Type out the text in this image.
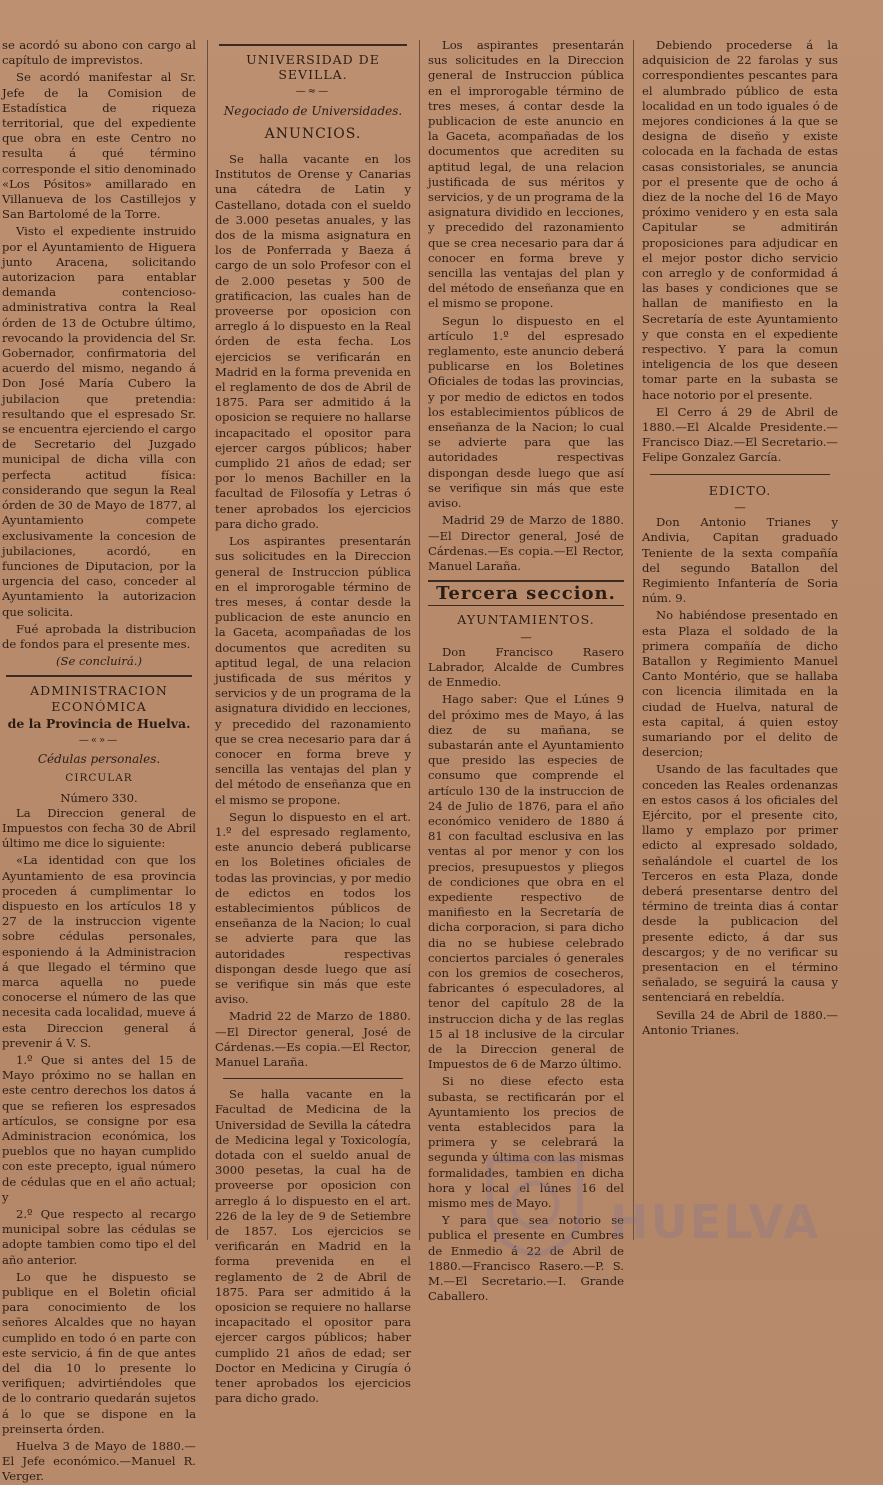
se acordó su abono con cargo al capítulo de imprevistos.

Se acordó manifestar al Sr. Jefe de la Comision de Estadística de riqueza territorial, que del expediente que obra en este Centro no resulta á qué término corresponde el sitio denominado «Los Pósitos» amillarado en Villanueva de los Castillejos y San Bartolomé de la Torre.

Visto el expediente instruido por el Ayuntamiento de Higuera junto Aracena, solicitando autorizacion para entablar demanda contencioso-administrativa contra la Real órden de 13 de Octubre último, revocando la providencia del Sr. Gobernador, confirmatoria del acuerdo del mismo, negando á Don José María Cubero la jubilacion que pretendia: resultando que el espresado Sr. se encuentra ejerciendo el cargo de Secretario del Juzgado municipal de dicha villa con perfecta actitud física: considerando que segun la Real órden de 30 de Mayo de 1877, al Ayuntamiento compete exclusivamente la concesion de jubilaciones, acordó, en funciones de Diputacion, por la urgencia del caso, conceder al Ayuntamiento la autorizacion que solicita.

Fué aprobada la distribucion de fondos para el presente mes.

(Se concluirá.)

ADMINISTRACION ECONÓMICA
de la Provincia de Huelva.
—«»—
Cédulas personales.
CIRCULAR
Número 330.

La Direccion general de Impuestos con fecha 30 de Abril último me dice lo siguiente:

«La identidad con que los Ayuntamiento de esa provincia proceden á cumplimentar lo dispuesto en los artículos 18 y 27 de la instruccion vigente sobre cédulas personales, esponiendo á la Administracion á que llegado el término que marca aquella no puede conocerse el número de las que necesita cada localidad, mueve á esta Direccion general á prevenir á V. S.

1.º Que si antes del 15 de Mayo próximo no se hallan en este centro derechos los datos á que se refieren los espresados artículos, se consigne por esa Administracion económica, los pueblos que no hayan cumplido con este precepto, igual número de cédulas que en el año actual; y

2.º Que respecto al recargo municipal sobre las cédulas se adopte tambien como tipo el del año anterior.

Lo que he dispuesto se publique en el Boletin oficial para conocimiento de los señores Alcaldes que no hayan cumplido en todo ó en parte con este servicio, á fin de que antes del dia 10 lo presente lo verifiquen; advirtiéndoles que de lo contrario quedarán sujetos á lo que se dispone en la preinserta órden.

Huelva 3 de Mayo de 1880.—El Jefe económico.—Manuel R. Verger.

UNIVERSIDAD DE SEVILLA.
—≈—
Negociado de Universidades.
ANUNCIOS.

Se halla vacante en los Institutos de Orense y Canarias una cátedra de Latin y Castellano, dotada con el sueldo de 3.000 pesetas anuales, y las dos de la misma asignatura en los de Ponferrada y Baeza á cargo de un solo Profesor con el de 2.000 pesetas y 500 de gratificacion, las cuales han de proveerse por oposicion con arreglo á lo dispuesto en la Real órden de esta fecha. Los ejercicios se verificarán en Madrid en la forma prevenida en el reglamento de dos de Abril de 1875. Para ser admitido á la oposicion se requiere no hallarse incapacitado el opositor para ejercer cargos públicos; haber cumplido 21 años de edad; ser por lo menos Bachiller en la facultad de Filosofía y Letras ó tener aprobados los ejercicios para dicho grado.

Los aspirantes presentarán sus solicitudes en la Direccion general de Instruccion pública en el improrogable término de tres meses, á contar desde la publicacion de este anuncio en la Gaceta, acompañadas de los documentos que acrediten su aptitud legal, de una relacion justificada de sus méritos y servicios y de un programa de la asignatura dividido en lecciones, y precedido del razonamiento que se crea necesario para dar á conocer en forma breve y sencilla las ventajas del plan y del método de enseñanza que en el mismo se propone.

Segun lo dispuesto en el art. 1.º del espresado reglamento, este anuncio deberá publicarse en los Boletines oficiales de todas las provincias, y por medio de edictos en todos los establecimientos públicos de enseñanza de la Nacion; lo cual se advierte para que las autoridades respectivas dispongan desde luego que así se verifique sin más que este aviso.

Madrid 22 de Marzo de 1880.—El Director general, José de Cárdenas.—Es copia.—El Rector, Manuel Laraña.

Se halla vacante en la Facultad de Medicina de la Universidad de Sevilla la cátedra de Medicina legal y Toxicología, dotada con el sueldo anual de 3000 pesetas, la cual ha de proveerse por oposicion con arreglo á lo dispuesto en el art. 226 de la ley de 9 de Setiembre de 1857. Los ejercicios se verificarán en Madrid en la forma prevenida en el reglamento de 2 de Abril de 1875. Para ser admitido á la oposicion se requiere no hallarse incapacitado el opositor para ejercer cargos públicos; haber cumplido 21 años de edad; ser Doctor en Medicina y Cirugía ó tener aprobados los ejercicios para dicho grado.

Los aspirantes presentarán sus solicitudes en la Direccion general de Instruccion pública en el improrogable término de tres meses, á contar desde la publicacion de este anuncio en la Gaceta, acompañadas de los documentos que acrediten su aptitud legal, de una relacion justificada de sus méritos y servicios, y de un programa de la asignatura dividido en lecciones, y precedido del razonamiento que se crea necesario para dar á conocer en forma breve y sencilla las ventajas del plan y del método de enseñanza que en el mismo se propone.

Segun lo dispuesto en el artículo 1.º del espresado reglamento, este anuncio deberá publicarse en los Boletines Oficiales de todas las provincias, y por medio de edictos en todos los establecimientos públicos de enseñanza de la Nacion; lo cual se advierte para que las autoridades respectivas dispongan desde luego que así se verifique sin más que este aviso.

Madrid 29 de Marzo de 1880.—El Director general, José de Cárdenas.—Es copia.—El Rector, Manuel Laraña.

Tercera seccion.
AYUNTAMIENTOS.
—

Don Francisco Rasero Labrador, Alcalde de Cumbres de Enmedio.

Hago saber: Que el Lúnes 9 del próximo mes de Mayo, á las diez de su mañana, se subastarán ante el Ayuntamiento que presido las especies de consumo que comprende el artículo 130 de la instruccion de 24 de Julio de 1876, para el año económico venidero de 1880 á 81 con facultad esclusiva en las ventas al por menor y con los precios, presupuestos y pliegos de condiciones que obra en el expediente respectivo de manifiesto en la Secretaría de dicha corporacion, si para dicho dia no se hubiese celebrado conciertos parciales ó generales con los gremios de cosecheros, fabricantes ó especuladores, al tenor del capítulo 28 de la instruccion dicha y de las reglas 15 al 18 inclusive de la circular de la Direccion general de Impuestos de 6 de Marzo último.

Si no diese efecto esta subasta, se rectificarán por el Ayuntamiento los precios de venta establecidos para la primera y se celebrará la segunda y última con las mismas formalidades, tambien en dicha hora y local el lúnes 16 del mismo mes de Mayo.

Y para que sea notorio se publica el presente en Cumbres de Enmedio á 22 de Abril de 1880.—Francisco Rasero.—P. S. M.—El Secretario.—I. Grande Caballero.

Debiendo procederse á la adquisicion de 22 farolas y sus correspondientes pescantes para el alumbrado público de esta localidad en un todo iguales ó de mejores condiciones á la que se designa de diseño y existe colocada en la fachada de estas casas consistoriales, se anuncia por el presente que de ocho á diez de la noche del 16 de Mayo próximo venidero y en esta sala Capitular se admitirán proposiciones para adjudicar en el mejor postor dicho servicio con arreglo y de conformidad á las bases y condiciones que se hallan de manifiesto en la Secretaría de este Ayuntamiento y que consta en el expediente respectivo. Y para la comun inteligencia de los que deseen tomar parte en la subasta se hace notorio por el presente.

El Cerro á 29 de Abril de 1880.—El Alcalde Presidente.—Francisco Diaz.—El Secretario.—Felipe Gonzalez García.

EDICTO.
—

Don Antonio Trianes y Andivia, Capitan graduado Teniente de la sexta compañía del segundo Batallon del Regimiento Infantería de Soria núm. 9.

No habiéndose presentado en esta Plaza el soldado de la primera compañía de dicho Batallon y Regimiento Manuel Canto Montério, que se hallaba con licencia ilimitada en la ciudad de Huelva, natural de esta capital, á quien estoy sumariando por el delito de desercion;

Usando de las facultades que conceden las Reales ordenanzas en estos casos á los oficiales del Ejército, por el presente cito, llamo y emplazo por primer edicto al expresado soldado, señalándole el cuartel de los Terceros en esta Plaza, donde deberá presentarse dentro del término de treinta dias á contar desde la publicacion del presente edicto, á dar sus descargos; y de no verificar su presentacion en el término señalado, se seguirá la causa y sentenciará en rebeldía.

Sevilla 24 de Abril de 1880.—Antonio Trianes.

HUELVA
